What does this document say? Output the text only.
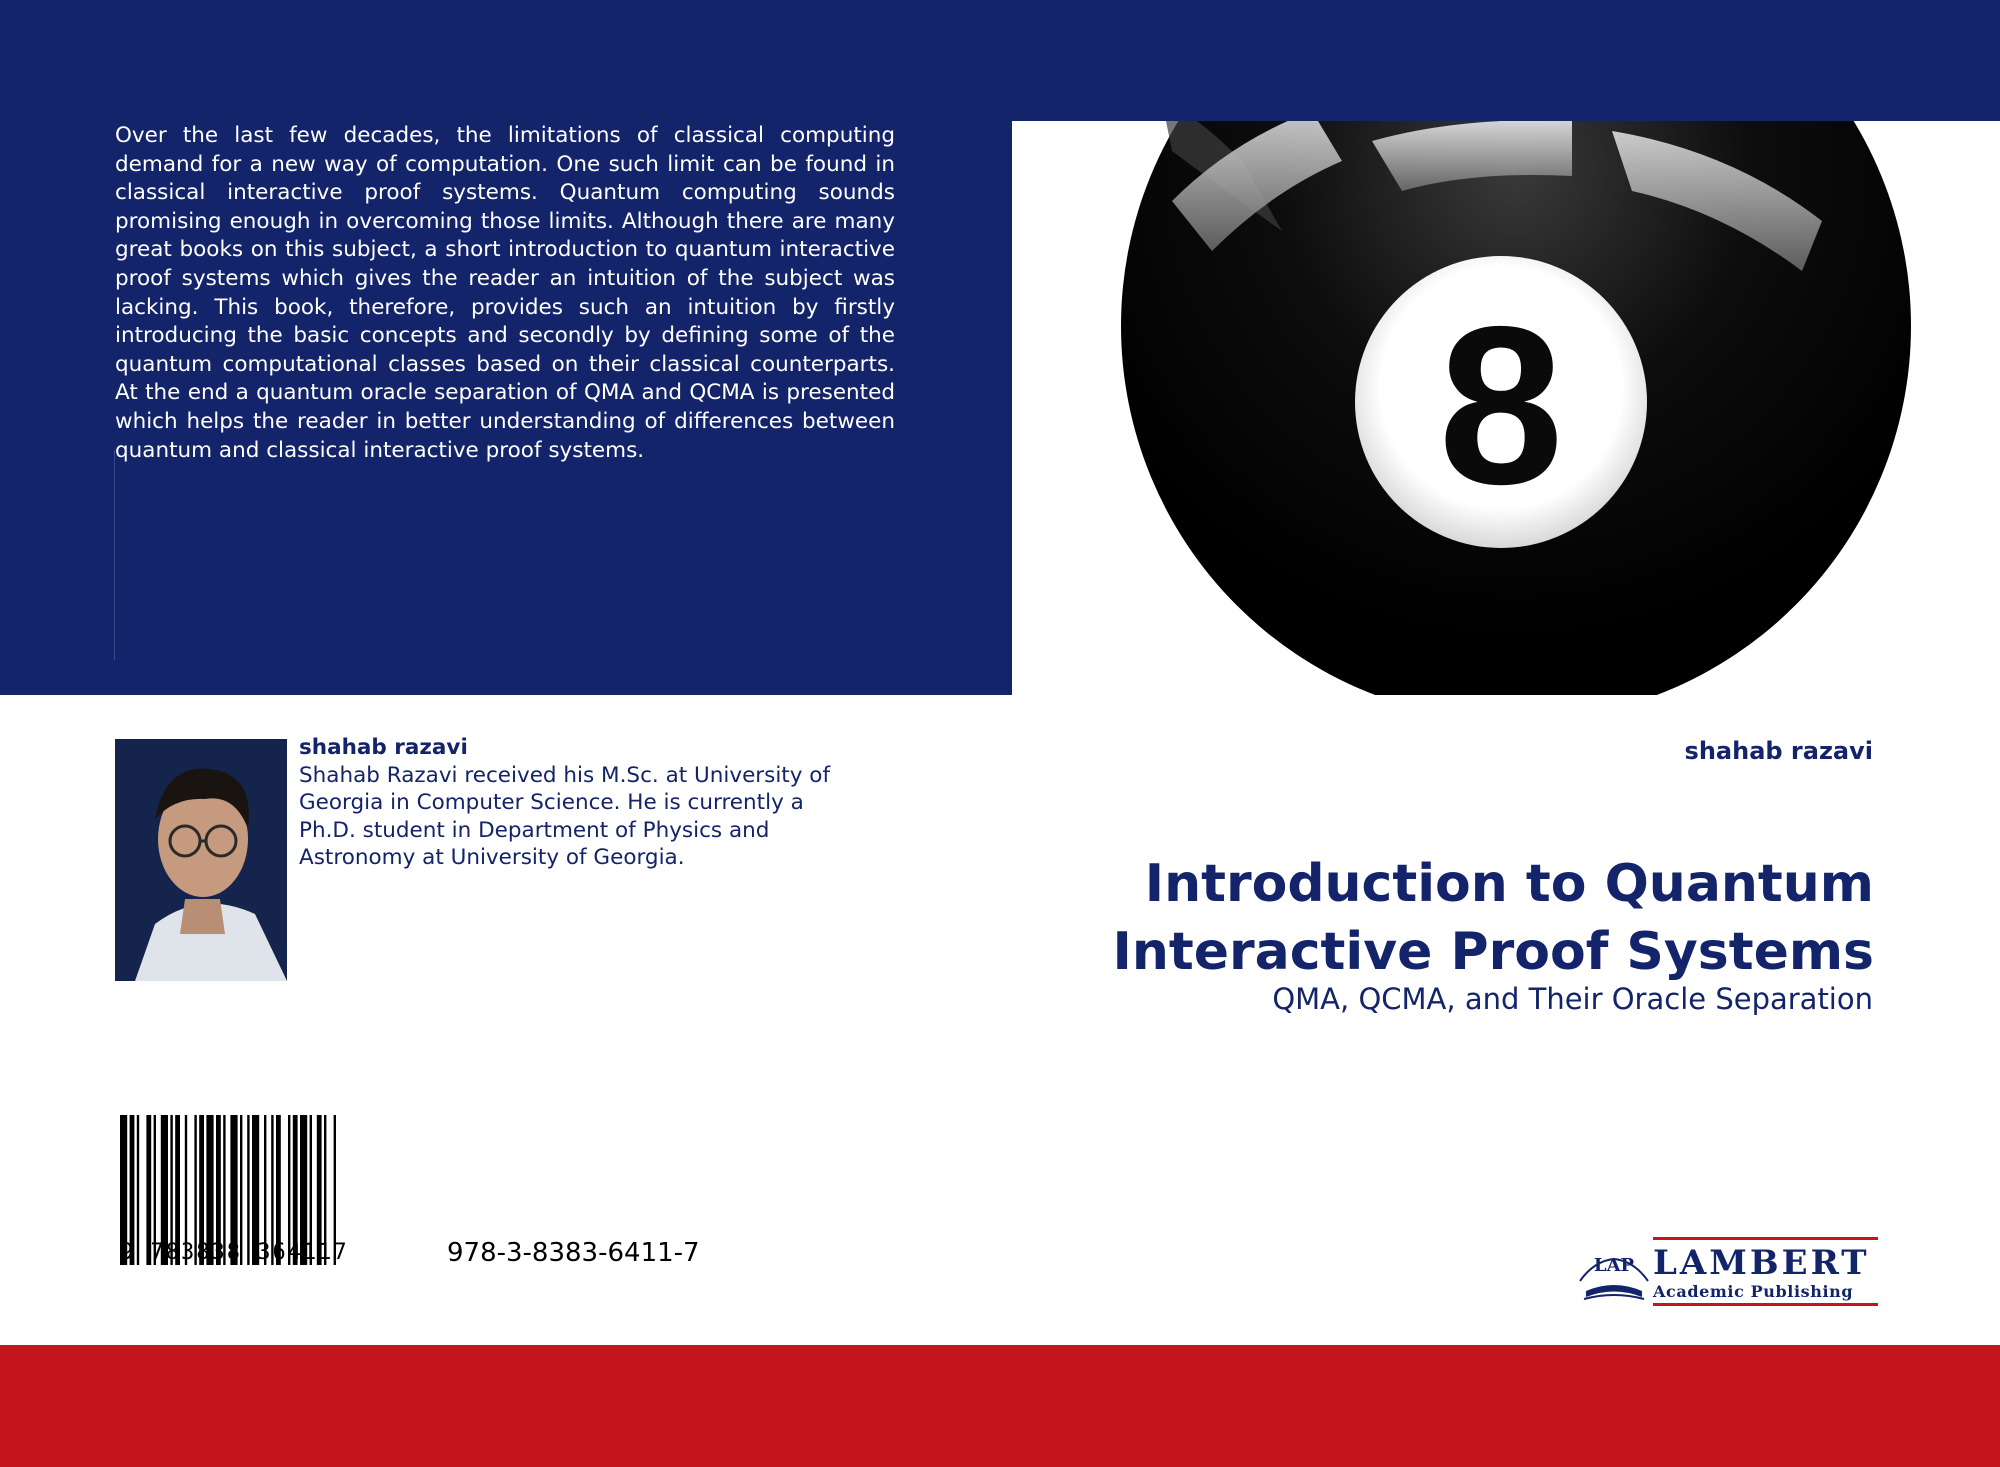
Over the last few decades, the limitations of classical computing demand for a new way of computation. One such limit can be found in classical interactive proof systems. Quantum computing sounds promising enough in overcoming those limits. Although there are many great books on this subject, a short introduction to quantum interactive proof systems which gives the reader an intuition of the subject was lacking. This book, therefore, provides such an intuition by firstly introducing the basic concepts and secondly by defining some of the quantum computational classes based on their classical counterparts. At the end a quantum oracle separation of QMA and QCMA is presented which helps the reader in better understanding of differences between quantum and classical interactive proof systems.	8
shahab razavi
Shahab Razavi received his M.Sc. at University of Georgia in Computer Science. He is currently a Ph.D. student in Department of Physics and Astronomy at University of Georgia.
shahab razavi
Introduction to Quantum Interactive Proof Systems
QMA, QCMA, and Their Oracle Separation
9 783838 364117	978-3-8383-6411-7	LAP LAMBERT
Academic Publishing
